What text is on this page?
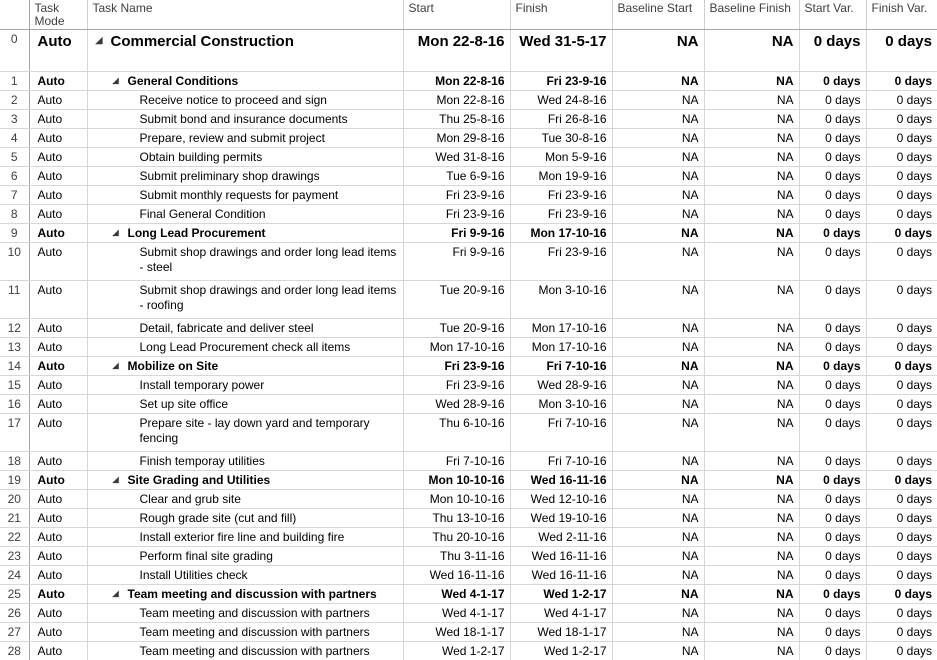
	Task Mode	Task Name	Start	Finish	Baseline Start	Baseline Finish	Start Var.	Finish Var.
0	Auto	◢ Commercial Construction	Mon 22-8-16	Wed 31-5-17	NA	NA	0 days	0 days
1	Auto	◢ General Conditions	Mon 22-8-16	Fri 23-9-16	NA	NA	0 days	0 days
2	Auto	Receive notice to proceed and sign	Mon 22-8-16	Wed 24-8-16	NA	NA	0 days	0 days
3	Auto	Submit bond and insurance documents	Thu 25-8-16	Fri 26-8-16	NA	NA	0 days	0 days
4	Auto	Prepare, review and submit project	Mon 29-8-16	Tue 30-8-16	NA	NA	0 days	0 days
5	Auto	Obtain building permits	Wed 31-8-16	Mon 5-9-16	NA	NA	0 days	0 days
6	Auto	Submit preliminary shop drawings	Tue 6-9-16	Mon 19-9-16	NA	NA	0 days	0 days
7	Auto	Submit monthly requests for payment	Fri 23-9-16	Fri 23-9-16	NA	NA	0 days	0 days
8	Auto	Final General Condition	Fri 23-9-16	Fri 23-9-16	NA	NA	0 days	0 days
9	Auto	◢ Long Lead Procurement	Fri 9-9-16	Mon 17-10-16	NA	NA	0 days	0 days
10	Auto	Submit shop drawings and order long lead items - steel	Fri 9-9-16	Fri 23-9-16	NA	NA	0 days	0 days
11	Auto	Submit shop drawings and order long lead items - roofing	Tue 20-9-16	Mon 3-10-16	NA	NA	0 days	0 days
12	Auto	Detail, fabricate and deliver steel	Tue 20-9-16	Mon 17-10-16	NA	NA	0 days	0 days
13	Auto	Long Lead Procurement check all items	Mon 17-10-16	Mon 17-10-16	NA	NA	0 days	0 days
14	Auto	◢ Mobilize on Site	Fri 23-9-16	Fri 7-10-16	NA	NA	0 days	0 days
15	Auto	Install temporary power	Fri 23-9-16	Wed 28-9-16	NA	NA	0 days	0 days
16	Auto	Set up site office	Wed 28-9-16	Mon 3-10-16	NA	NA	0 days	0 days
17	Auto	Prepare site - lay down yard and temporary fencing	Thu 6-10-16	Fri 7-10-16	NA	NA	0 days	0 days
18	Auto	Finish temporay utilities	Fri 7-10-16	Fri 7-10-16	NA	NA	0 days	0 days
19	Auto	◢ Site Grading and Utilities	Mon 10-10-16	Wed 16-11-16	NA	NA	0 days	0 days
20	Auto	Clear and grub site	Mon 10-10-16	Wed 12-10-16	NA	NA	0 days	0 days
21	Auto	Rough grade site (cut and fill)	Thu 13-10-16	Wed 19-10-16	NA	NA	0 days	0 days
22	Auto	Install exterior fire line and building fire	Thu 20-10-16	Wed 2-11-16	NA	NA	0 days	0 days
23	Auto	Perform final site grading	Thu 3-11-16	Wed 16-11-16	NA	NA	0 days	0 days
24	Auto	Install Utilities check	Wed 16-11-16	Wed 16-11-16	NA	NA	0 days	0 days
25	Auto	◢ Team meeting and discussion with partners	Wed 4-1-17	Wed 1-2-17	NA	NA	0 days	0 days
26	Auto	Team meeting and discussion with partners	Wed 4-1-17	Wed 4-1-17	NA	NA	0 days	0 days
27	Auto	Team meeting and discussion with partners	Wed 18-1-17	Wed 18-1-17	NA	NA	0 days	0 days
28	Auto	Team meeting and discussion with partners	Wed 1-2-17	Wed 1-2-17	NA	NA	0 days	0 days
